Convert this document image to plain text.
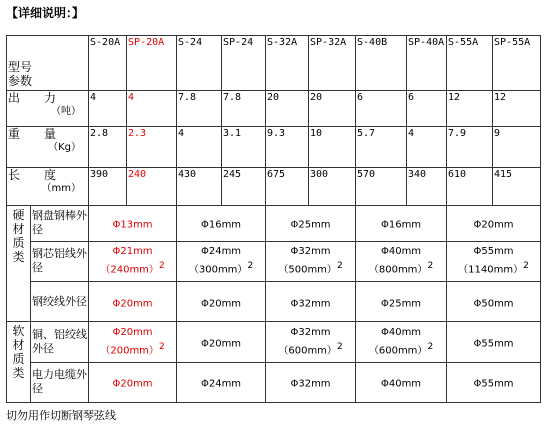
【详细说明：】
型号
参数		S-20A	SP-20A	S-24	SP-24	S-32A	SP-32A	S-40B	SP-40A	S-55A	SP-55A

出　　力
（吨）		4	4	7.8	7.8	20	20	6	6	12	12

重　　量
（Kg）		2.8	2.3	4	3.1	9.3	10	5.7	4	7.9	9

长　　度
（mm）		390	240	430	245	675	300	570	340	610	415
硬材质类	钢盘钢棒外径	Φ13mm		Φ16mm		Φ25mm		Φ16mm		Φ20mm	
	钢芯铝线外径	$\Phi 21mm(240mm)^2$		$\Phi 24mm(300mm)^2$		$\Phi 32mm(500mm)^2$		$\Phi 40mm(800mm)^2$		$\Phi 55mm(1140mm)^2$
	钢绞线外径	Φ20mm		Φ20mm		Φ32mm		Φ25mm		Φ50mm	
软材质类	铜、铝绞线外径	$\Phi 20mm(200mm)^2$		Φ20mm		$\Phi 32mm(600mm)^2$		$\Phi 40mm(600mm)^2$		Φ55mm	
	电力电缆外径	Φ20mm		Φ24mm		Φ32mm		Φ40mm		Φ55mm	
切勿用作切断钢琴弦线
